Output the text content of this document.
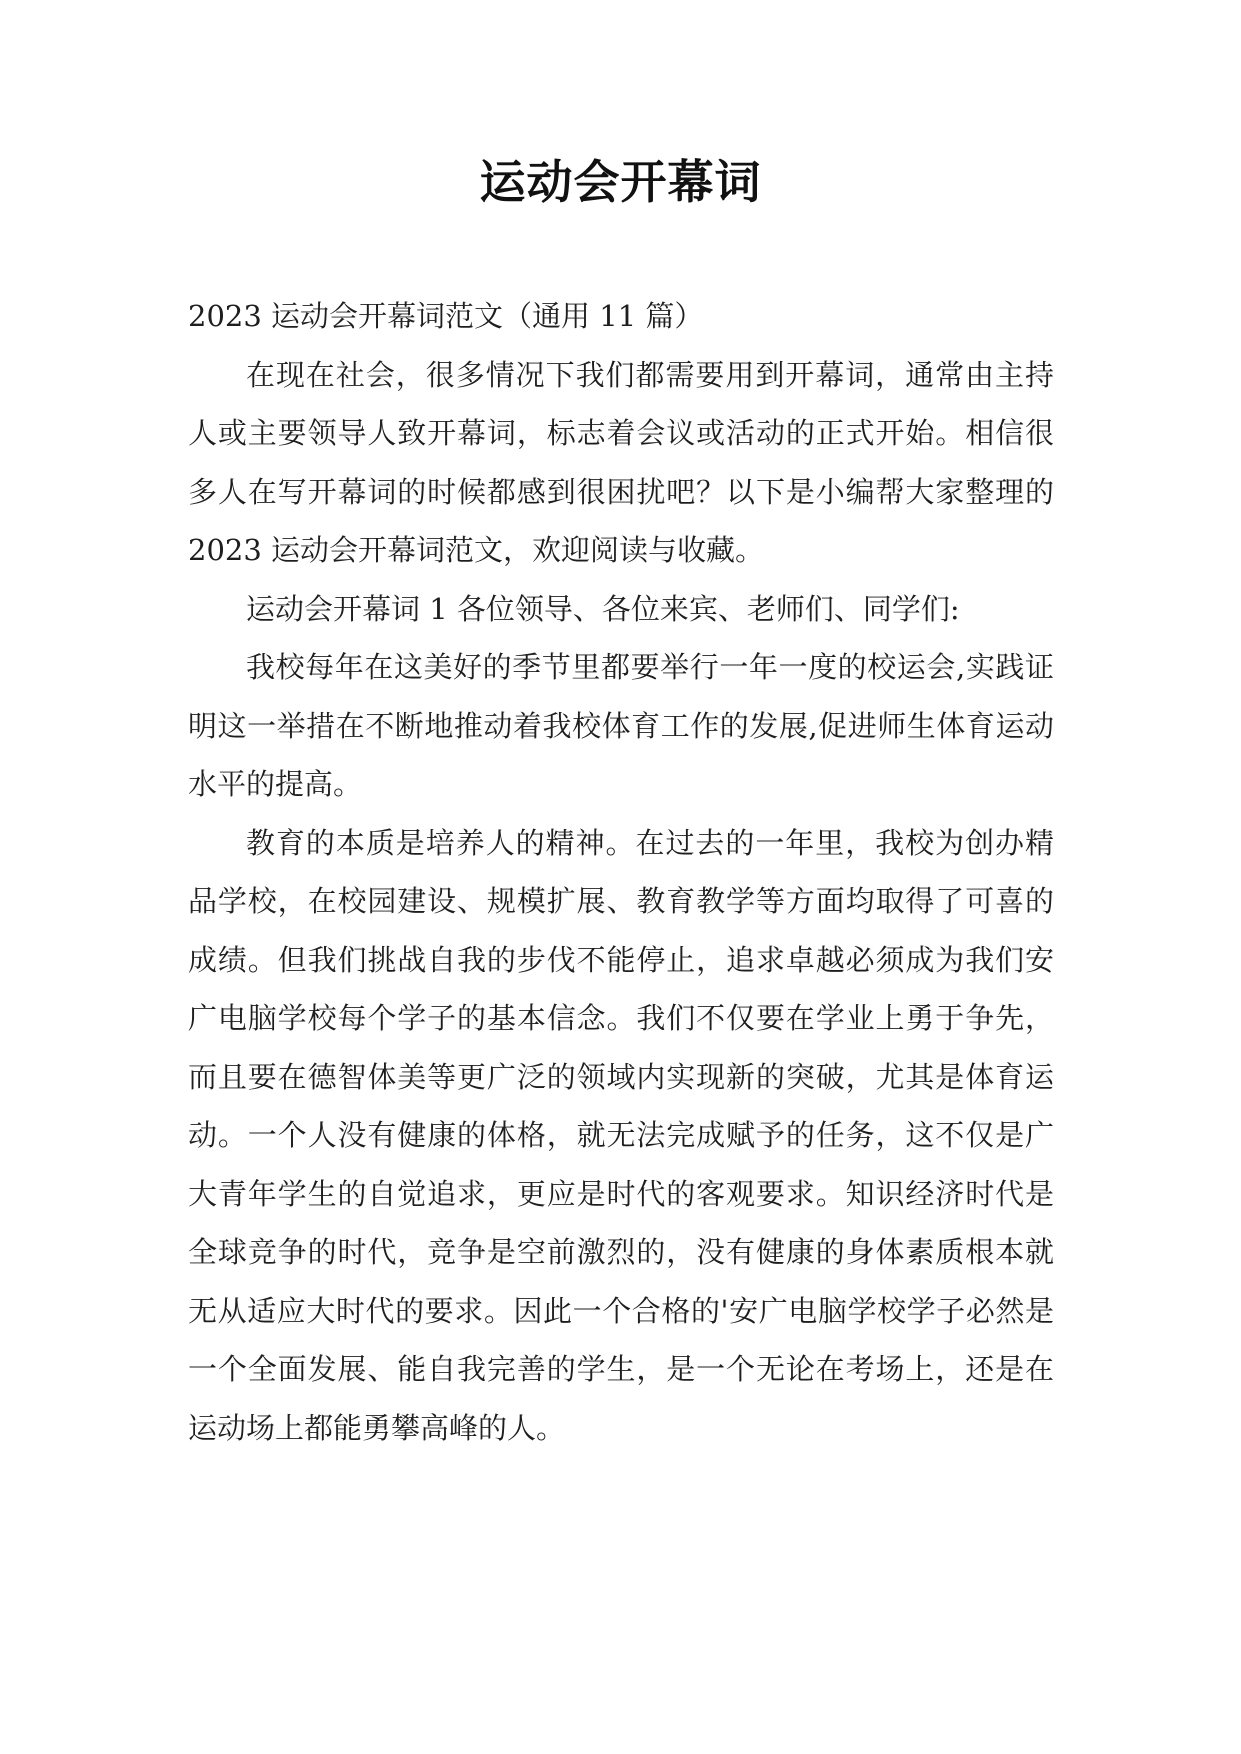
运动会开幕词

2023 运动会开幕词范文（通用 11 篇）

在现在社会，很多情况下我们都需要用到开幕词，通常由主持人或主要领导人致开幕词，标志着会议或活动的正式开始。相信很多人在写开幕词的时候都感到很困扰吧？以下是小编帮大家整理的 2023 运动会开幕词范文，欢迎阅读与收藏。

运动会开幕词 1 各位领导、各位来宾、老师们、同学们:

我校每年在这美好的季节里都要举行一年一度的校运会,实践证明这一举措在不断地推动着我校体育工作的发展,促进师生体育运动水平的提高。

教育的本质是培养人的精神。在过去的一年里，我校为创办精品学校，在校园建设、规模扩展、教育教学等方面均取得了可喜的成绩。但我们挑战自我的步伐不能停止，追求卓越必须成为我们安广电脑学校每个学子的基本信念。我们不仅要在学业上勇于争先，而且要在德智体美等更广泛的领域内实现新的突破，尤其是体育运动。一个人没有健康的体格，就无法完成赋予的任务，这不仅是广大青年学生的自觉追求，更应是时代的客观要求。知识经济时代是全球竞争的时代，竞争是空前激烈的，没有健康的身体素质根本就无从适应大时代的要求。因此一个合格的'安广电脑学校学子必然是一个全面发展、能自我完善的学生，是一个无论在考场上，还是在运动场上都能勇攀高峰的人。
